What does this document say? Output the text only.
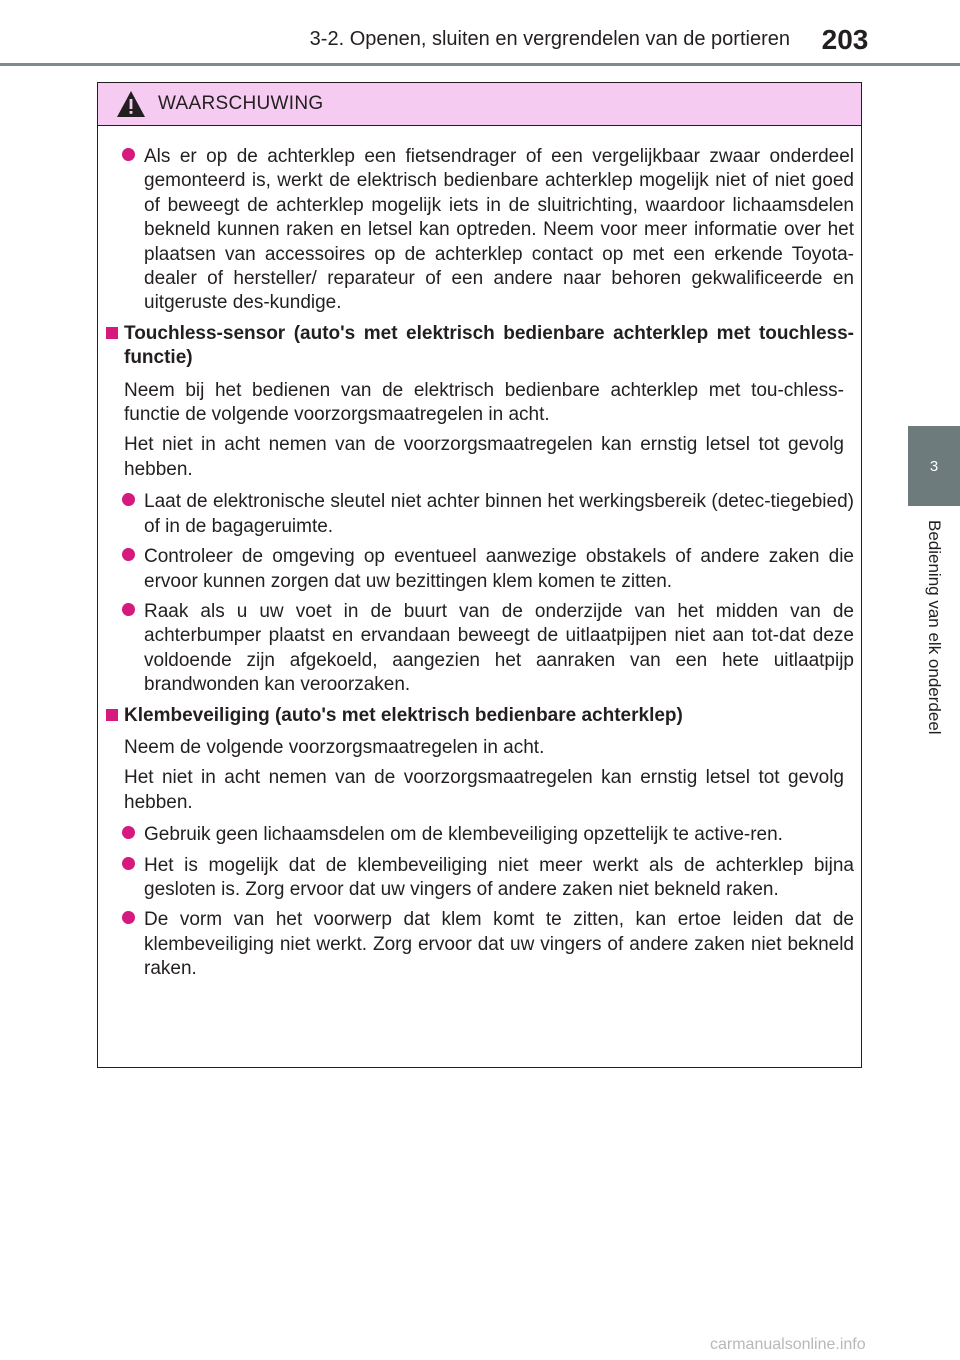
3-2. Openen, sluiten en vergrendelen van de portieren	203
3
Bediening van elk onderdeel
WAARSCHUWING
Als er op de achterklep een fietsendrager of een vergelijkbaar zwaar onderdeel gemonteerd is, werkt de elektrisch bedienbare achterklep mogelijk niet of niet goed of beweegt de achterklep mogelijk iets in de sluitrichting, waardoor lichaamsdelen bekneld kunnen raken en letsel kan optreden. Neem voor meer informatie over het plaatsen van accessoires op de achterklep contact op met een erkende Toyota-dealer of hersteller/ reparateur of een andere naar behoren gekwalificeerde en uitgeruste des-kundige.
Touchless-sensor (auto's met elektrisch bedienbare achterklep met touchless-functie)
Neem bij het bedienen van de elektrisch bedienbare achterklep met tou-chless-functie de volgende voorzorgsmaatregelen in acht.
Het niet in acht nemen van de voorzorgsmaatregelen kan ernstig letsel tot gevolg hebben.
Laat de elektronische sleutel niet achter binnen het werkingsbereik (detec-tiegebied) of in de bagageruimte.
Controleer de omgeving op eventueel aanwezige obstakels of andere zaken die ervoor kunnen zorgen dat uw bezittingen klem komen te zitten.
Raak als u uw voet in de buurt van de onderzijde van het midden van de achterbumper plaatst en ervandaan beweegt de uitlaatpijpen niet aan tot-dat deze voldoende zijn afgekoeld, aangezien het aanraken van een hete uitlaatpijp brandwonden kan veroorzaken.
Klembeveiliging (auto's met elektrisch bedienbare achterklep)
Neem de volgende voorzorgsmaatregelen in acht.
Het niet in acht nemen van de voorzorgsmaatregelen kan ernstig letsel tot gevolg hebben.
Gebruik geen lichaamsdelen om de klembeveiliging opzettelijk te active-ren.
Het is mogelijk dat de klembeveiliging niet meer werkt als de achterklep bijna gesloten is. Zorg ervoor dat uw vingers of andere zaken niet bekneld raken.
De vorm van het voorwerp dat klem komt te zitten, kan ertoe leiden dat de klembeveiliging niet werkt. Zorg ervoor dat uw vingers of andere zaken niet bekneld raken.
carmanualsonline.info
